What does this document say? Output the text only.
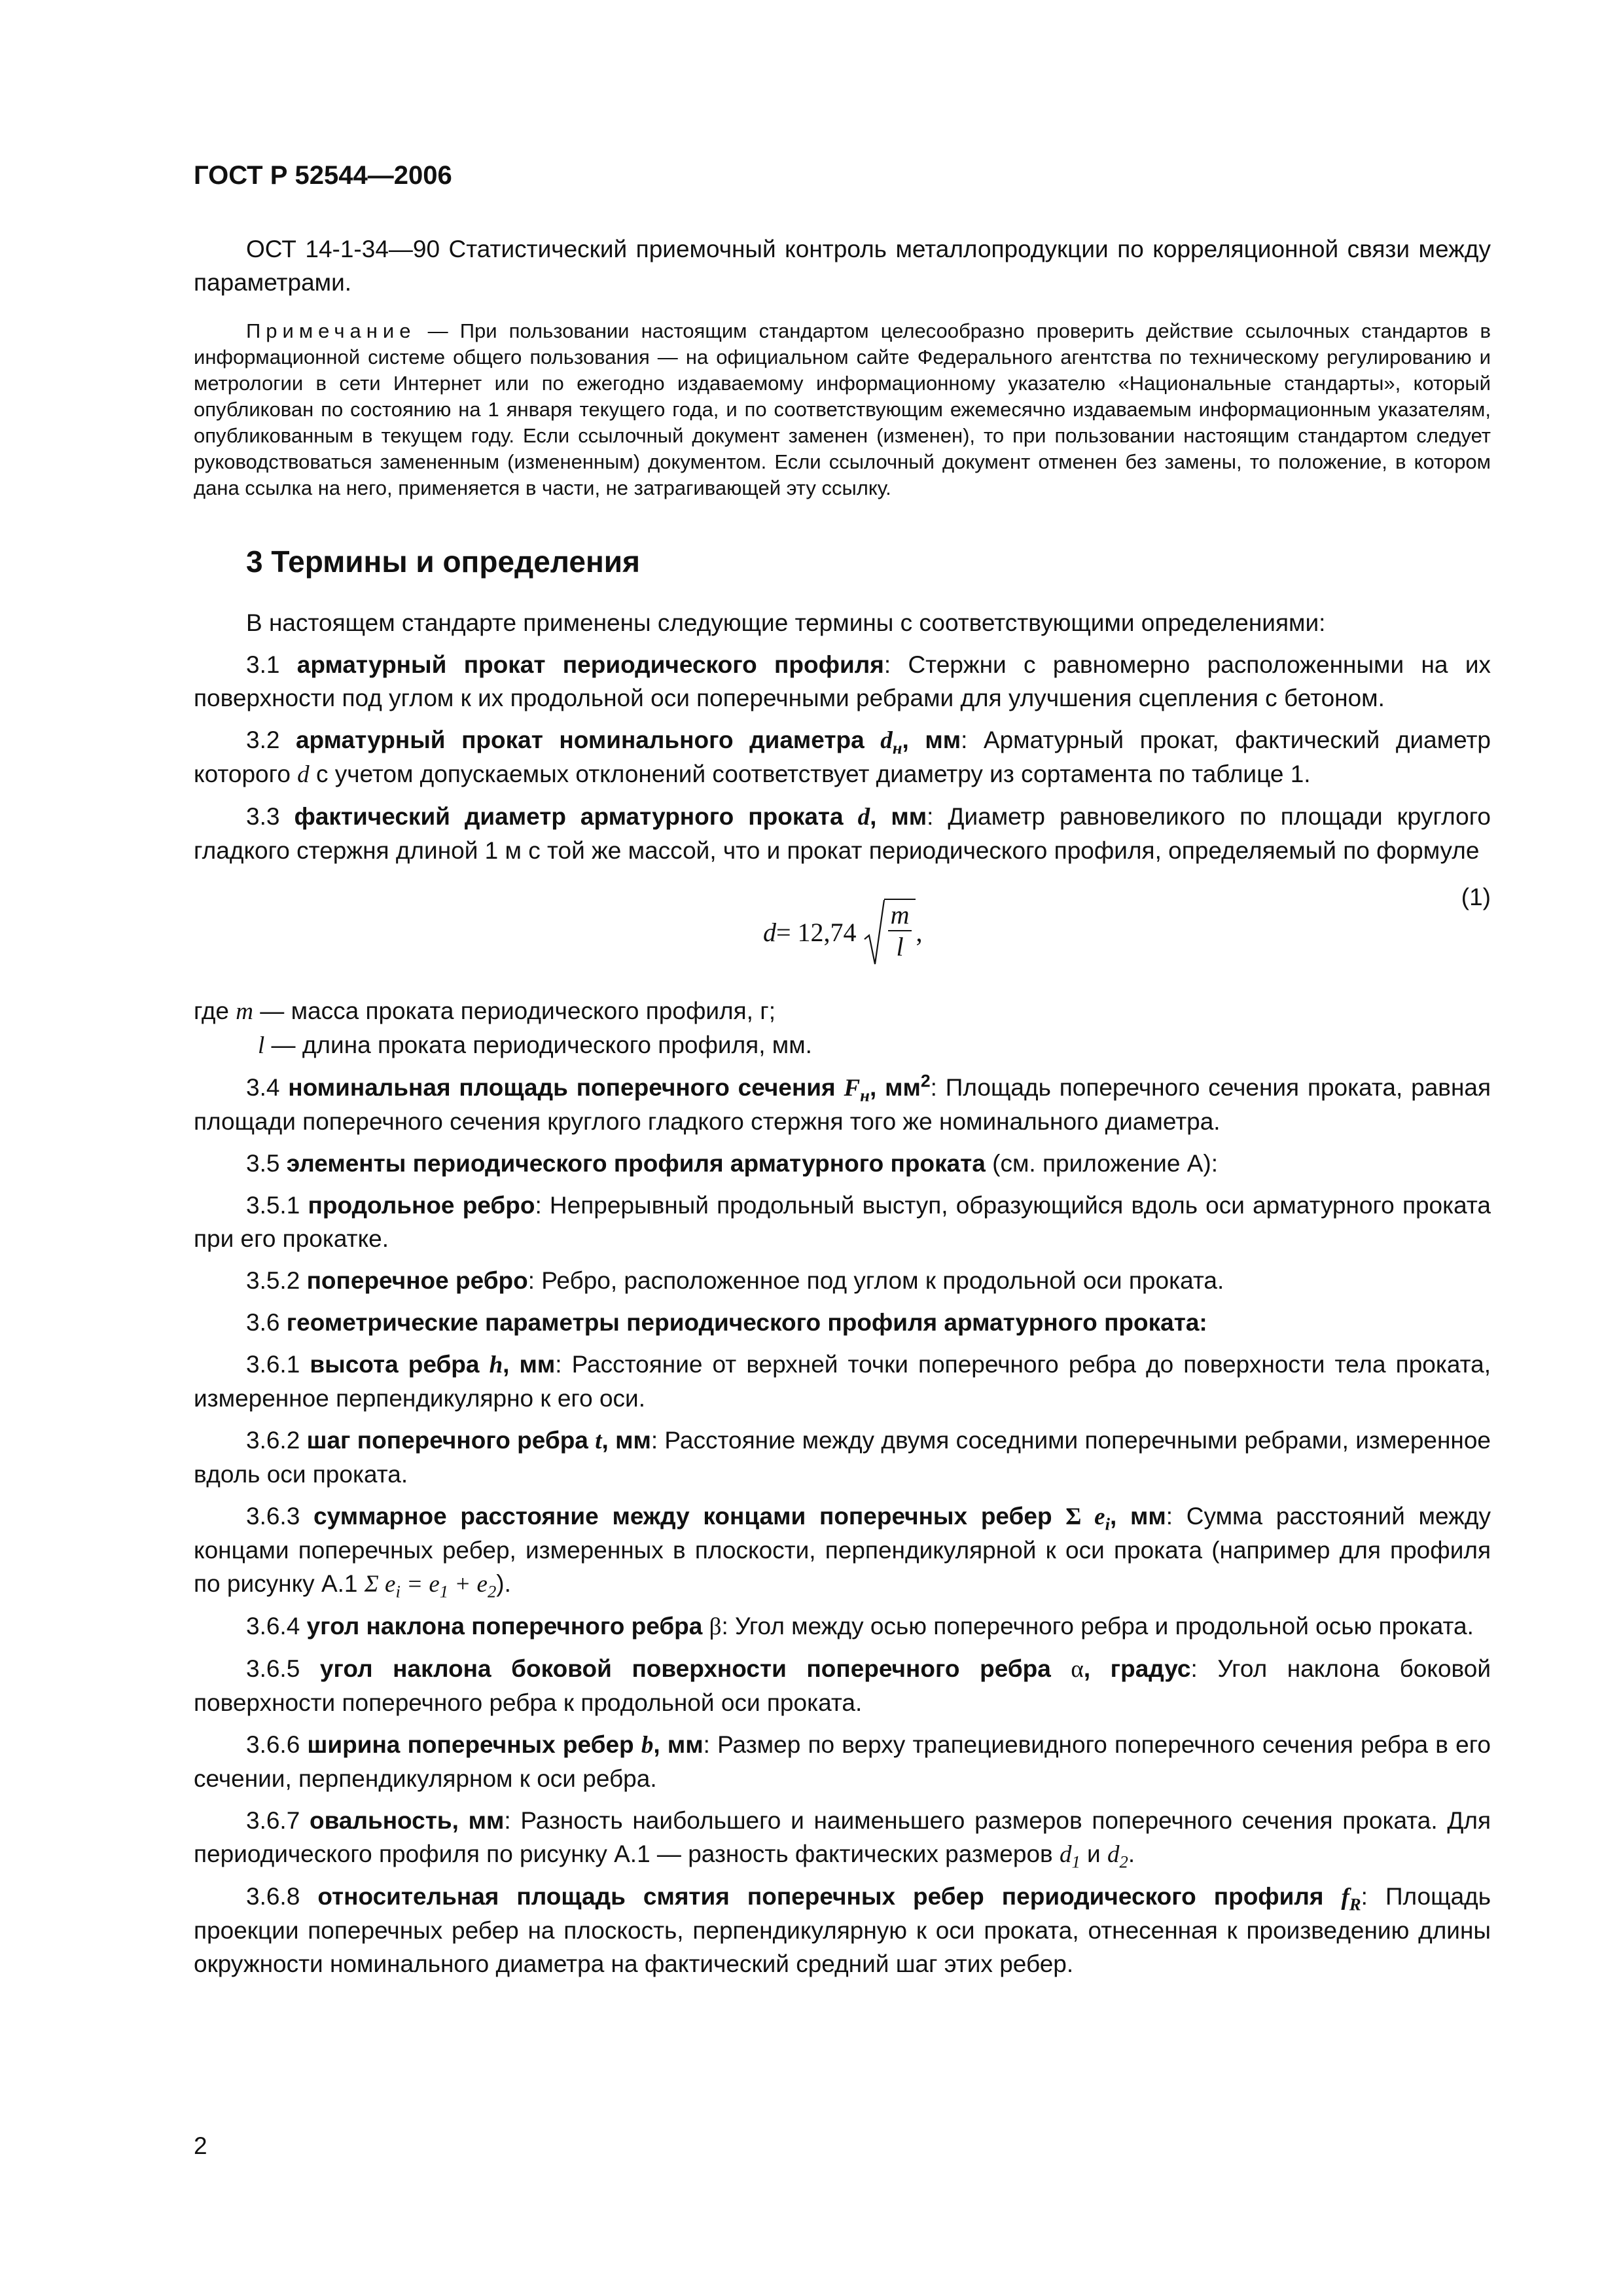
ГОСТ Р 52544—2006

ОСТ 14-1-34—90 Статистический приемочный контроль металлопродукции по корреляционной связи между параметрами.

Примечание — При пользовании настоящим стандартом целесообразно проверить действие ссылочных стандартов в информационной системе общего пользования — на официальном сайте Федерального агентства по техническому регулированию и метрологии в сети Интернет или по ежегодно издаваемому информационному указателю «Национальные стандарты», который опубликован по состоянию на 1 января текущего года, и по соответствующим ежемесячно издаваемым информационным указателям, опубликованным в текущем году. Если ссылочный документ заменен (изменен), то при пользовании настоящим стандартом следует руководствоваться замененным (измененным) документом. Если ссылочный документ отменен без замены, то положение, в котором дана ссылка на него, применяется в части, не затрагивающей эту ссылку.

3 Термины и определения

В настоящем стандарте применены следующие термины с соответствующими определениями:

3.1 арматурный прокат периодического профиля: Стержни с равномерно расположенными на их поверхности под углом к их продольной оси поперечными ребрами для улучшения сцепления с бетоном.

3.2 арматурный прокат номинального диаметра $d_н$, мм: Арматурный прокат, фактический диаметр которого d с учетом допускаемых отклонений соответствует диаметру из сортамента по таблице 1.

3.3 фактический диаметр арматурного проката d, мм: Диаметр равновеликого по площади круглого гладкого стержня длиной 1 м с той же массой, что и прокат периодического профиля, определяемый по формуле

$d = 12,74 \frac{m}{l}$ ,
(1)

где m — масса проката периодического профиля, г;

l — длина проката периодического профиля, мм.

3.4 номинальная площадь поперечного сечения $F_н$, $мм^2$: Площадь поперечного сечения проката, равная площади поперечного сечения круглого гладкого стержня того же номинального диаметра.

3.5 элементы периодического профиля арматурного проката (см. приложение А):

3.5.1 продольное ребро: Непрерывный продольный выступ, образующийся вдоль оси арматурного проката при его прокатке.

3.5.2 поперечное ребро: Ребро, расположенное под углом к продольной оси проката.

3.6 геометрические параметры периодического профиля арматурного проката:

3.6.1 высота ребра h, мм: Расстояние от верхней точки поперечного ребра до поверхности тела проката, измеренное перпендикулярно к его оси.

3.6.2 шаг поперечного ребра t, мм: Расстояние между двумя соседними поперечными ребрами, измеренное вдоль оси проката.

3.6.3 суммарное расстояние между концами поперечных ребер Σ $e_i$, мм: Сумма расстояний между концами поперечных ребер, измеренных в плоскости, перпендикулярной к оси проката (например для профиля по рисунку А.1 Σ $e_i = e_1 + e_2$).

3.6.4 угол наклона поперечного ребра β: Угол между осью поперечного ребра и продольной осью проката.

3.6.5 угол наклона боковой поверхности поперечного ребра α, градус: Угол наклона боковой поверхности поперечного ребра к продольной оси проката.

3.6.6 ширина поперечных ребер b, мм: Размер по верху трапециевидного поперечного сечения ребра в его сечении, перпендикулярном к оси ребра.

3.6.7 овальность, мм: Разность наибольшего и наименьшего размеров поперечного сечения проката. Для периодического профиля по рисунку А.1 — разность фактических размеров $d_1$ и $d_2$.

3.6.8 относительная площадь смятия поперечных ребер периодического профиля $f_R$: Площадь проекции поперечных ребер на плоскость, перпендикулярную к оси проката, отнесенная к произведению длины окружности номинального диаметра на фактический средний шаг этих ребер.

2
